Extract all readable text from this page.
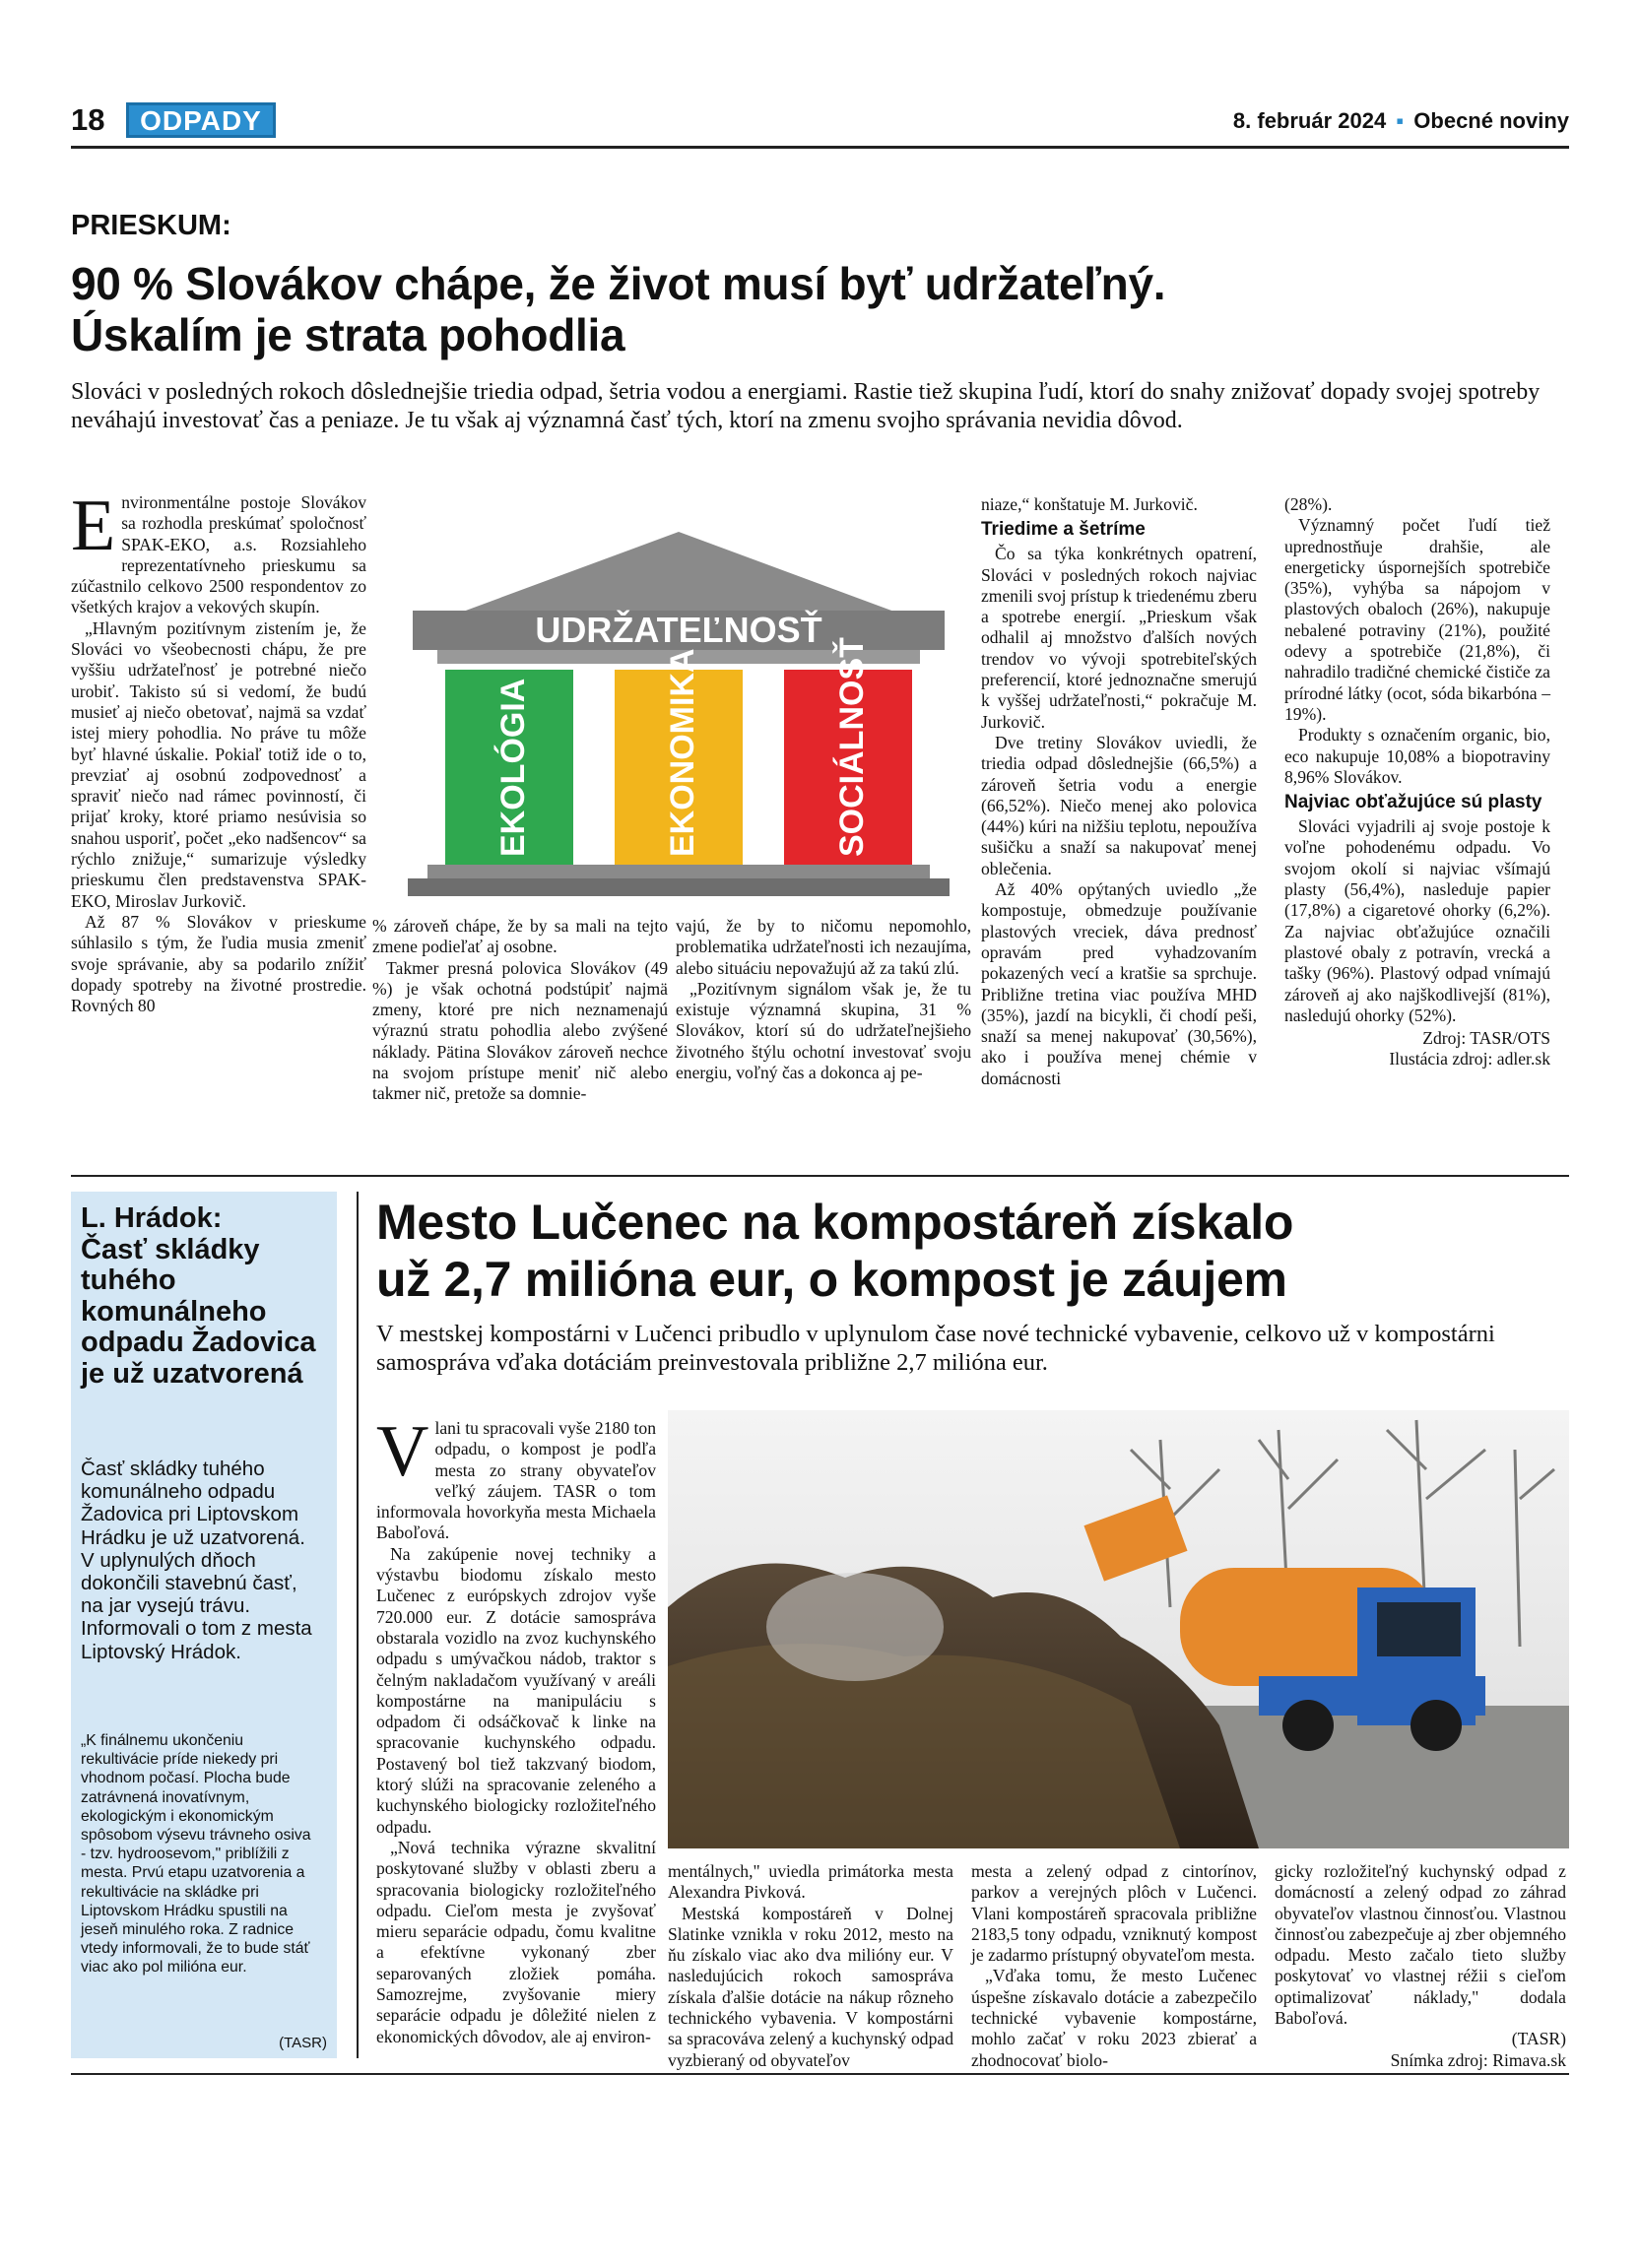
18	ODPADY	8. február 2024 ▪ Obecné noviny
PRIESKUM:
90 % Slovákov chápe, že život musí byť udržateľný.
Úskalím je strata pohodlia
Slováci v posledných rokoch dôslednejšie triedia odpad, šetria vodou a energiami. Rastie tiež skupina ľudí, ktorí do snahy znižovať dopady svojej spotreby neváhajú investovať čas a peniaze. Je tu však aj významná časť tých, ktorí na zmenu svojho správania nevidia dôvod.
UDRŽATEĽNOSŤ
EKOLÓGIA	EKONOMIKA	SOCIÁLNOSŤ

Environmentálne postoje Slovákov sa rozhodla preskúmať spoločnosť SPAK-EKO, a.s. Rozsiahleho reprezentatívneho prieskumu sa zúčastnilo celkovo 2500 respondentov zo všetkých krajov a vekových skupín.

„Hlavným pozitívnym zistením je, že Slováci vo všeobecnosti chápu, že pre vyššiu udržateľnosť je potrebné niečo urobiť. Takisto sú si vedomí, že budú musieť aj niečo obetovať, najmä sa vzdať istej miery pohodlia. No práve tu môže byť hlavné úskalie. Pokiaľ totiž ide o to, prevziať aj osobnú zodpovednosť a spraviť niečo nad rámec povinností, či prijať kroky, ktoré priamo nesúvisia so snahou usporiť, počet „eko nadšencov“ sa rýchlo znižuje,“ sumarizuje výsledky prieskumu člen predstavenstva SPAK-EKO, Miroslav Jurkovič.

Až 87 % Slovákov v prieskume súhlasilo s tým, že ľudia musia zmeniť svoje správanie, aby sa podarilo znížiť dopady spotreby na životné prostredie. Rovných 80

% zároveň chápe, že by sa mali na tejto zmene podieľať aj osobne.

Takmer presná polovica Slovákov (49 %) je však ochotná podstúpiť najmä zmeny, ktoré pre nich neznamenajú výraznú stratu pohodlia alebo zvýšené náklady. Pätina Slovákov zároveň nechce na svojom prístupe meniť nič alebo takmer nič, pretože sa domnie-

vajú, že by to ničomu nepomohlo, problematika udržateľnosti ich nezaujíma, alebo situáciu nepovažujú až za takú zlú.

„Pozitívnym signálom však je, že tu existuje významná skupina, 31 % Slovákov, ktorí sú do udržateľnejšieho životného štýlu ochotní investovať svoju energiu, voľný čas a dokonca aj pe-

niaze,“ konštatuje M. Jurkovič.

Triedime a šetríme

Čo sa týka konkrétnych opatrení, Slováci v posledných rokoch najviac zmenili svoj prístup k triedenému zberu a spotrebe energií. „Prieskum však odhalil aj množstvo ďalších nových trendov vo vývoji spotrebiteľských preferencií, ktoré jednoznačne smerujú k vyššej udržateľnosti,“ pokračuje M. Jurkovič.

Dve tretiny Slovákov uviedli, že triedia odpad dôslednejšie (66,5%) a zároveň šetria vodu a energie (66,52%). Niečo menej ako polovica (44%) kúri na nižšiu teplotu, nepoužíva sušičku a snaží sa nakupovať menej oblečenia.

Až 40% opýtaných uviedlo „že kompostuje, obmedzuje používanie plastových vreciek, dáva prednosť opravám pred vyhadzovaním pokazených vecí a kratšie sa sprchuje. Približne tretina viac používa MHD (35%), jazdí na bicykli, či chodí peši, snaží sa menej nakupovať (30,56%), ako i používa menej chémie v domácnosti

(28%).

Významný počet ľudí tiež uprednostňuje drahšie, ale energeticky úspornejších spotrebiče (35%), vyhýba sa nápojom v plastových obaloch (26%), nakupuje nebalené potraviny (21%), použité odevy a spotrebiče (21,8%), či nahradilo tradičné chemické čističe za prírodné látky (ocot, sóda bikarbóna – 19%).

Produkty s označením organic, bio, eco nakupuje 10,08% a biopotraviny 8,96% Slovákov.

Najviac obťažujúce sú plasty

Slováci vyjadrili aj svoje postoje k voľne pohodenému odpadu. Vo svojom okolí si najviac všímajú plasty (56,4%), nasleduje papier (17,8%) a cigaretové ohorky (6,2%). Za najviac obťažujúce označili plastové obaly z potravín, vrecká a tašky (96%). Plastový odpad vnímajú zároveň aj ako najškodlivejší (81%), nasledujú ohorky (52%).

Zdroj: TASR/OTS
Ilustácia zdroj: adler.sk
L. Hrádok:
Časť skládky tuhého komunálneho odpadu Žadovica je už uzatvorená
Časť skládky tuhého komunálneho odpadu Žadovica pri Liptovskom Hrádku je už uzatvorená. V uplynulých dňoch dokončili stavebnú časť, na jar vysejú trávu. Informovali o tom z mesta Liptovský Hrádok.
„K finálnemu ukončeniu rekultivácie príde niekedy pri vhodnom počasí. Plocha bude zatrávnená inovatívnym, ekologickým i ekonomickým spôsobom výsevu trávneho osiva - tzv. hydroosevom," priblížili z mesta. Prvú etapu uzatvorenia a rekultivácie na skládke pri Liptovskom Hrádku spustili na jeseň minulého roka. Z radnice vtedy informovali, že to bude stáť viac ako pol milióna eur.
(TASR)
Mesto Lučenec na kompostáreň získalo
už 2,7 milióna eur, o kompost je záujem
V mestskej kompostárni v Lučenci pribudlo v uplynulom čase nové technické vybavenie, celkovo už v kompostárni samospráva vďaka dotáciám preinvestovala približne 2,7 milióna eur.

Vlani tu spracovali vyše 2180 ton odpadu, o kompost je podľa mesta zo strany obyvateľov veľký záujem. TASR o tom informovala hovorkyňa mesta Michaela Baboľová.

Na zakúpenie novej techniky a výstavbu biodomu získalo mesto Lučenec z európskych zdrojov vyše 720.000 eur. Z dotácie samospráva obstarala vozidlo na zvoz kuchynského odpadu s umývačkou nádob, traktor s čelným nakladačom využívaný v areáli kompostárne na manipuláciu s odpadom či odsáčkovač k linke na spracovanie kuchynského odpadu. Postavený bol tiež takzvaný biodom, ktorý slúži na spracovanie zeleného a kuchynského biologicky rozložiteľného odpadu.

„Nová technika výrazne skvalitní poskytované služby v oblasti zberu a spracovania biologicky rozložiteľného odpadu. Cieľom mesta je zvyšovať mieru separácie odpadu, čomu kvalitne a efektívne vykonaný zber separovaných zložiek pomáha. Samozrejme, zvyšovanie miery separácie odpadu je dôležité nielen z ekonomických dôvodov, ale aj environ-

mentálnych," uviedla primátorka mesta Alexandra Pivková.

Mestská kompostáreň v Dolnej Slatinke vznikla v roku 2012, mesto na ňu získalo viac ako dva milióny eur. V nasledujúcich rokoch samospráva získala ďalšie dotácie na nákup rôzneho technického vybavenia. V kompostárni sa spracováva zelený a kuchynský odpad vyzbieraný od obyvateľov

mesta a zelený odpad z cintorínov, parkov a verejných plôch v Lučenci. Vlani kompostáreň spracovala približne 2183,5 tony odpadu, vzniknutý kompost je zadarmo prístupný obyvateľom mesta.

„Vďaka tomu, že mesto Lučenec úspešne získavalo dotácie a zabezpečilo technické vybavenie kompostárne, mohlo začať v roku 2023 zbierať a zhodnocovať biolo-

gicky rozložiteľný kuchynský odpad z domácností a zelený odpad zo záhrad obyvateľov vlastnou činnosťou. Vlastnou činnosťou zabezpečuje aj zber objemného odpadu. Mesto začalo tieto služby poskytovať vo vlastnej réžii s cieľom optimalizovať náklady," dodala Baboľová.

(TASR)
Snímka zdroj: Rimava.sk
